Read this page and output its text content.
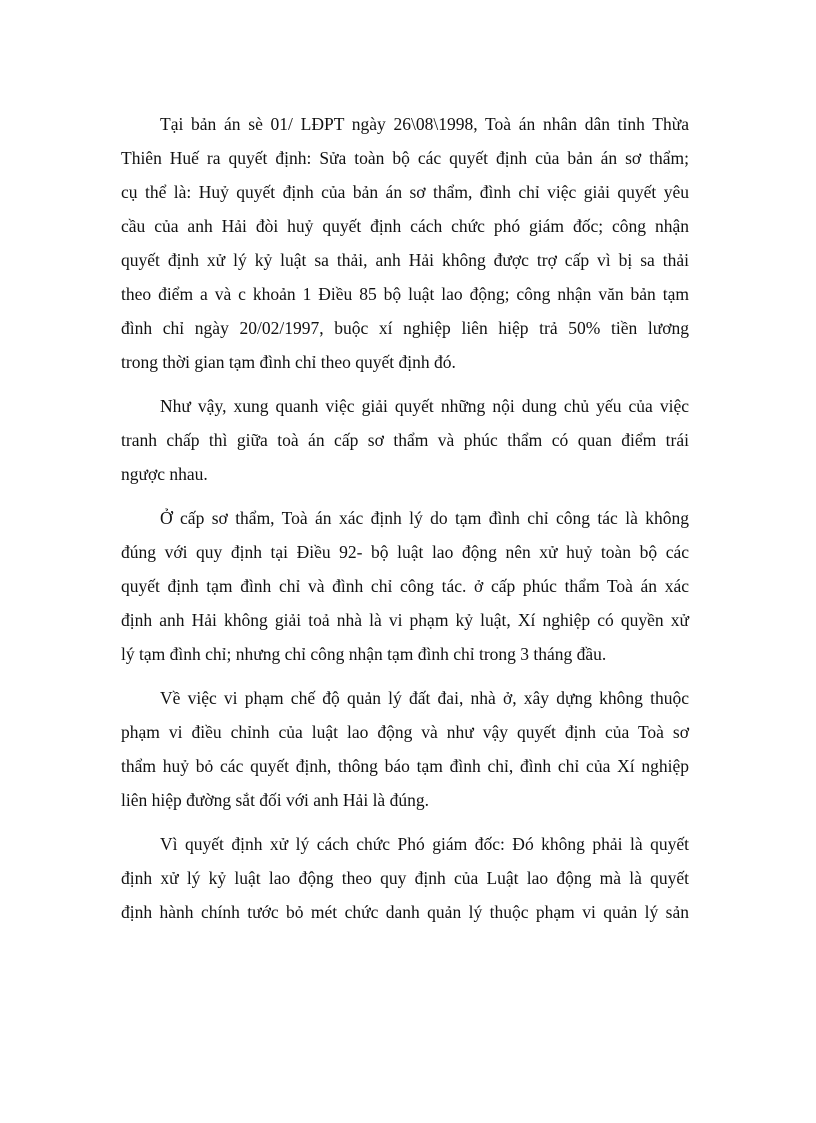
Tại bản án sè 01/ LĐPT ngày 26\08\1998, Toà án nhân dân tỉnh Thừa
Thiên Huế ra quyết định: Sửa toàn bộ các quyết định của bản án sơ thẩm;
cụ thể là: Huỷ quyết định của bản án sơ thẩm, đình chỉ việc giải quyết yêu
cầu của anh Hải đòi huỷ quyết định cách chức phó giám đốc; công nhận
quyết định xử lý kỷ luật sa thải, anh Hải không được trợ cấp vì bị sa thải
theo điểm a và c khoản 1 Điều 85 bộ luật lao động; công nhận văn bản tạm
đình chỉ ngày 20/02/1997, buộc xí nghiệp liên hiệp trả 50% tiền lương
trong thời gian tạm đình chỉ theo quyết định đó.
Như vậy, xung quanh việc giải quyết những nội dung chủ yếu của việc
tranh chấp thì giữa toà án cấp sơ thẩm và phúc thẩm có quan điểm trái
ngược nhau.
Ở cấp sơ thẩm, Toà án xác định lý do tạm đình chỉ công tác là không
đúng với quy định tại Điều 92- bộ luật lao động nên xử huỷ toàn bộ các
quyết định tạm đình chỉ và đình chỉ công tác. ở cấp phúc thẩm Toà án xác
định anh Hải không giải toả nhà là vi phạm kỷ luật, Xí nghiệp có quyền xử
lý tạm đình chỉ; nhưng chỉ công nhận tạm đình chỉ trong 3 tháng đầu.
Về việc vi phạm chế độ quản lý đất đai, nhà ở, xây dựng không thuộc
phạm vi điều chỉnh của luật lao động và như vậy quyết định của Toà sơ
thẩm huỷ bỏ các quyết định, thông báo tạm đình chỉ, đình chỉ của Xí nghiệp
liên hiệp đường sắt đối với anh Hải là đúng.
Vì quyết định xử lý cách chức Phó giám đốc: Đó không phải là quyết
định xử lý kỷ luật lao động theo quy định của Luật lao động mà là quyết
định hành chính tước bỏ mét chức danh quản lý thuộc phạm vi quản lý sản
